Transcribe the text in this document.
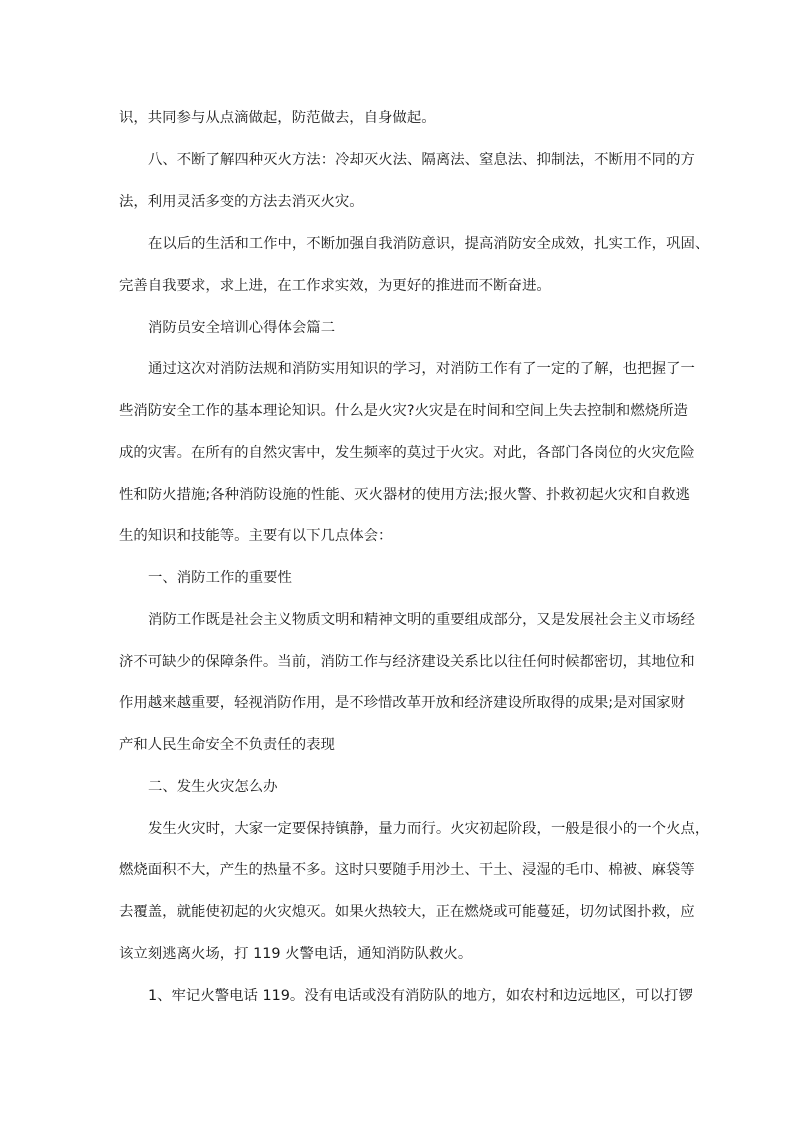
识，共同参与从点滴做起，防范做去，自身做起。
八、不断了解四种灭火方法：冷却灭火法、隔离法、窒息法、抑制法，不断用不同的方
法，利用灵活多变的方法去消灭火灾。
在以后的生活和工作中，不断加强自我消防意识，提高消防安全成效，扎实工作，巩固、
完善自我要求，求上进，在工作求实效，为更好的推进而不断奋进。
消防员安全培训心得体会篇二
通过这次对消防法规和消防实用知识的学习，对消防工作有了一定的了解，也把握了一
些消防安全工作的基本理论知识。什么是火灾?火灾是在时间和空间上失去控制和燃烧所造
成的灾害。在所有的自然灾害中，发生频率的莫过于火灾。对此，各部门各岗位的火灾危险
性和防火措施;各种消防设施的性能、灭火器材的使用方法;报火警、扑救初起火灾和自救逃
生的知识和技能等。主要有以下几点体会：
一、消防工作的重要性
消防工作既是社会主义物质文明和精神文明的重要组成部分，又是发展社会主义市场经
济不可缺少的保障条件。当前，消防工作与经济建设关系比以往任何时候都密切，其地位和
作用越来越重要，轻视消防作用，是不珍惜改革开放和经济建设所取得的成果;是对国家财
产和人民生命安全不负责任的表现
二、发生火灾怎么办
发生火灾时，大家一定要保持镇静，量力而行。火灾初起阶段，一般是很小的一个火点，
燃烧面积不大，产生的热量不多。这时只要随手用沙土、干土、浸湿的毛巾、棉被、麻袋等
去覆盖，就能使初起的火灾熄灭。如果火热较大，正在燃烧或可能蔓延，切勿试图扑救，应
该立刻逃离火场，打 119 火警电话，通知消防队救火。
1、牢记火警电话 119。没有电话或没有消防队的地方，如农村和边远地区，可以打锣
